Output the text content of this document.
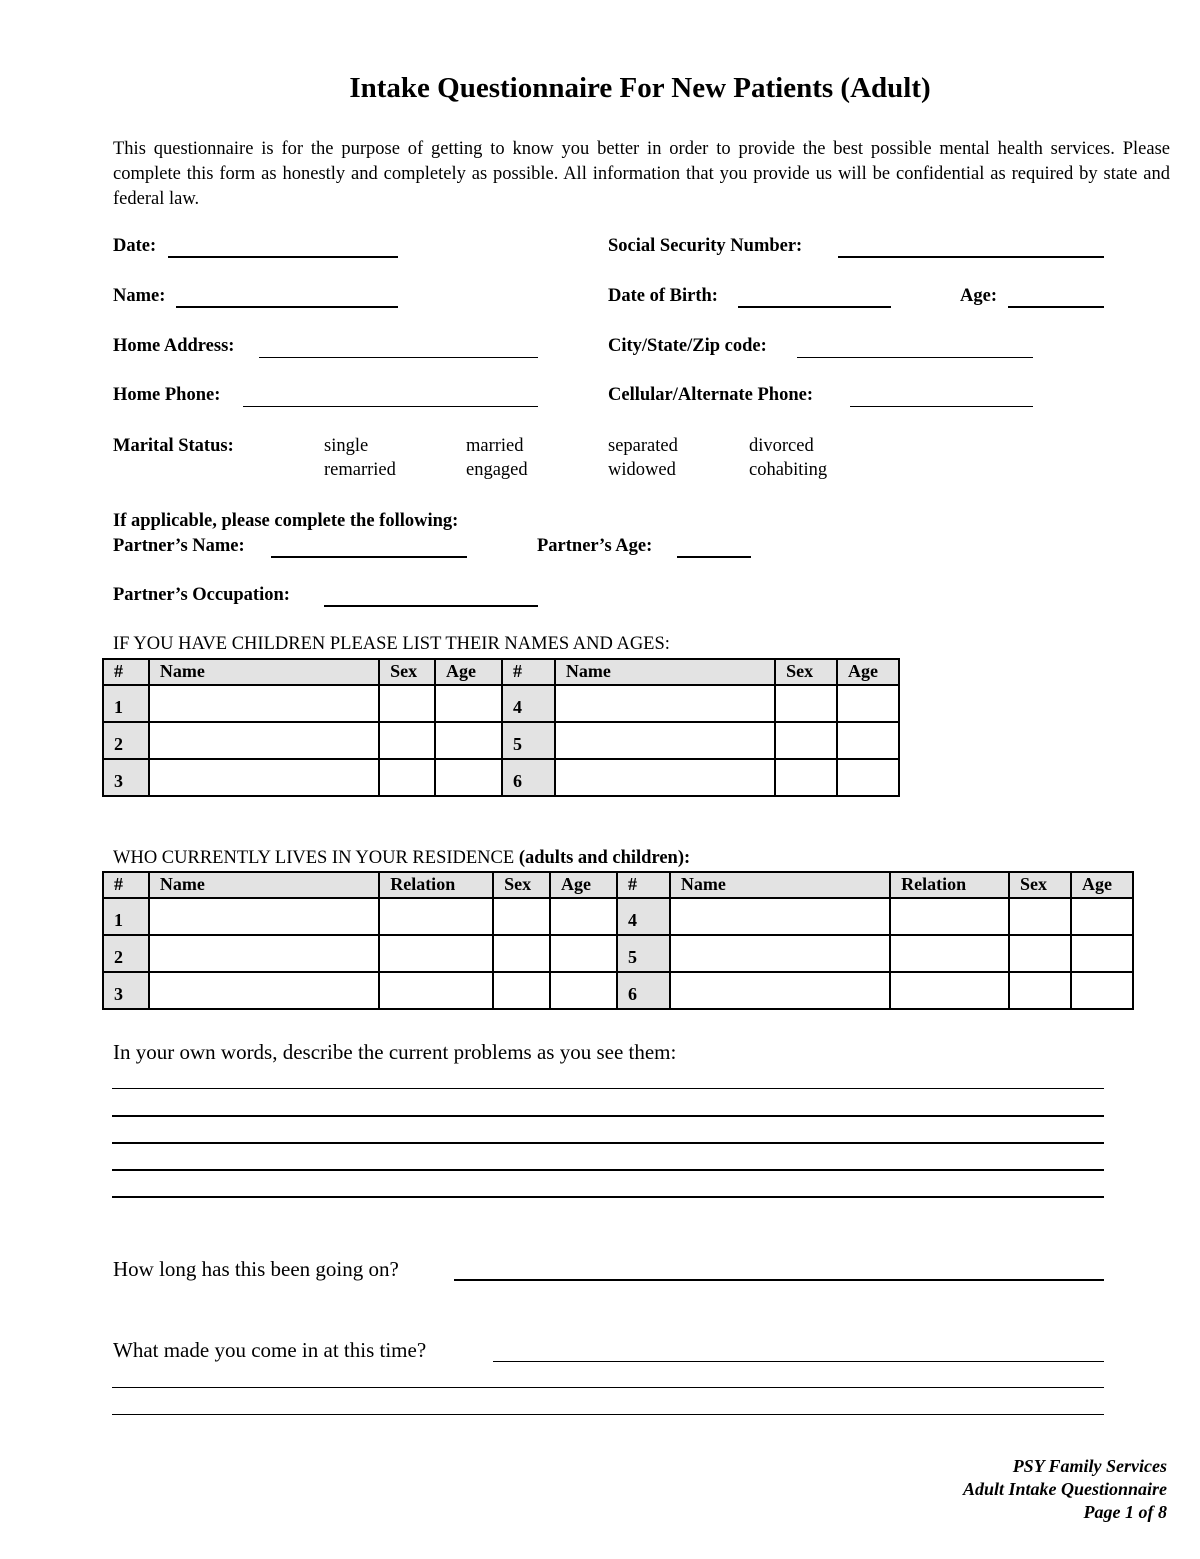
Intake Questionnaire For New Patients (Adult)
This questionnaire is for the purpose of getting to know you better in order to provide the best possible mental health services. Please complete this form as honestly and completely as possible. All information that you provide us will be confidential as required by state and federal law.
Date:	Social Security Number:
Name:	Date of Birth:	Age:
Home Address:	City/State/Zip code:
Home Phone:	Cellular/Alternate Phone:
Marital Status:	single	married	separated	divorced
remarried	engaged	widowed	cohabiting
If applicable, please complete the following:
Partner’s Name:	Partner’s Age:
Partner’s Occupation:
IF YOU HAVE CHILDREN PLEASE LIST THEIR NAMES AND AGES:
#	Name	Sex	Age	#	Name	Sex	Age
1				4			
2				5			
3				6			
WHO CURRENTLY LIVES IN YOUR RESIDENCE (adults and children):
#	Name	Relation	Sex	Age	#	Name	Relation	Sex	Age
1					4				
2					5				
3					6				
In your own words, describe the current problems as you see them:
How long has this been going on?
What made you come in at this time?
PSY Family Services
Adult Intake Questionnaire
Page 1 of 8
